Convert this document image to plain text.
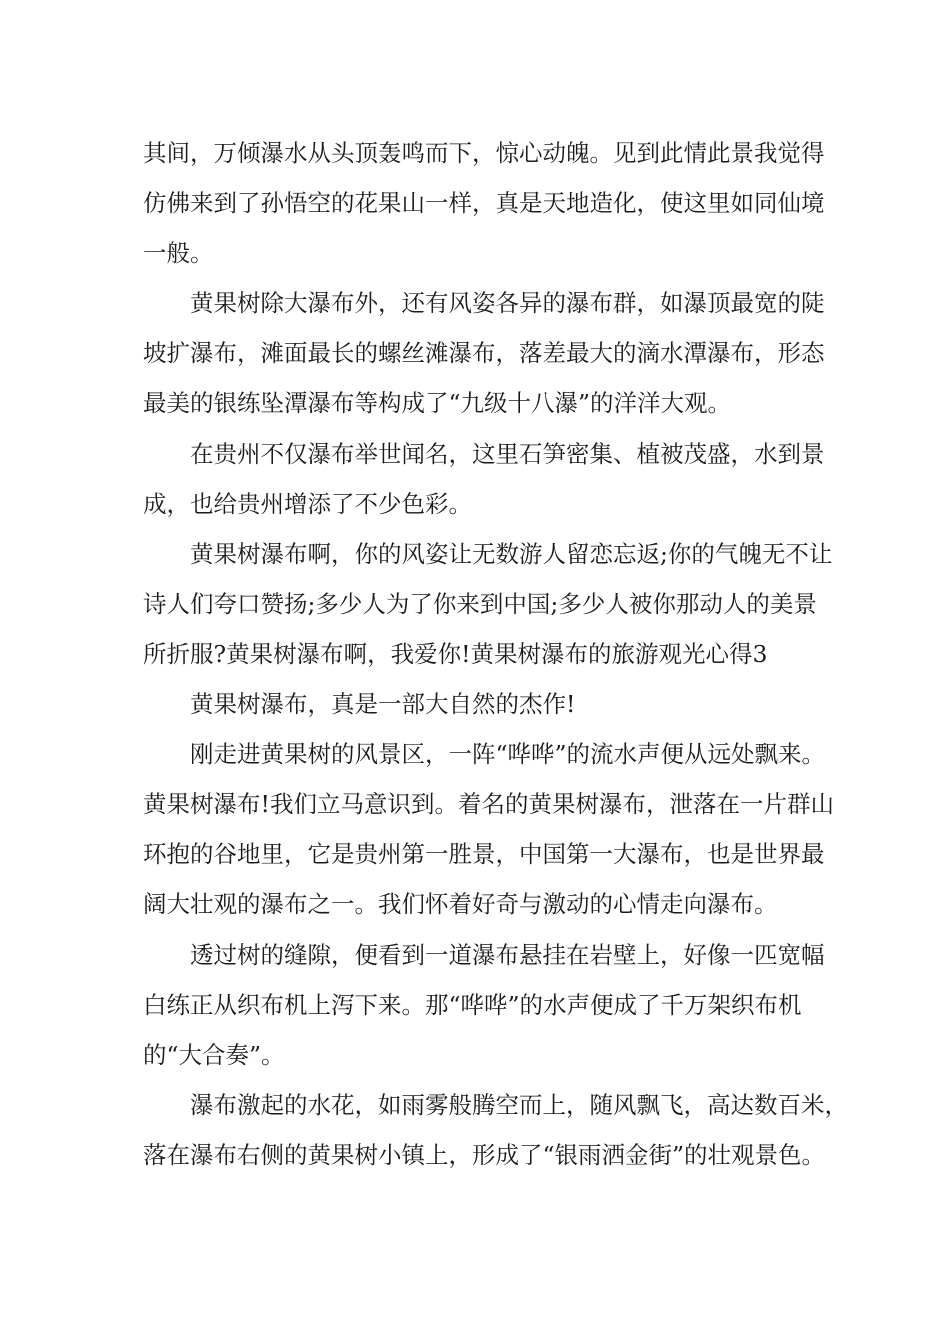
其间，万倾瀑水从头顶轰鸣而下，惊心动魄。见到此情此景我觉得
仿佛来到了孙悟空的花果山一样，真是天地造化，使这里如同仙境
一般。
黄果树除大瀑布外，还有风姿各异的瀑布群，如瀑顶最宽的陡
坡扩瀑布，滩面最长的螺丝滩瀑布，落差最大的滴水潭瀑布，形态
最美的银练坠潭瀑布等构成了“九级十八瀑”的洋洋大观。
在贵州不仅瀑布举世闻名，这里石笋密集、植被茂盛，水到景
成，也给贵州增添了不少色彩。
黄果树瀑布啊，你的风姿让无数游人留恋忘返;你的气魄无不让
诗人们夸口赞扬;多少人为了你来到中国;多少人被你那动人的美景
所折服?黄果树瀑布啊，我爱你!黄果树瀑布的旅游观光心得3
黄果树瀑布，真是一部大自然的杰作!
刚走进黄果树的风景区，一阵“哗哗”的流水声便从远处飘来。
黄果树瀑布!我们立马意识到。着名的黄果树瀑布，泄落在一片群山
环抱的谷地里，它是贵州第一胜景，中国第一大瀑布，也是世界最
阔大壮观的瀑布之一。我们怀着好奇与激动的心情走向瀑布。
透过树的缝隙，便看到一道瀑布悬挂在岩壁上，好像一匹宽幅
白练正从织布机上泻下来。那“哗哗”的水声便成了千万架织布机
的“大合奏”。
瀑布激起的水花，如雨雾般腾空而上，随风飘飞，高达数百米，
落在瀑布右侧的黄果树小镇上，形成了“银雨洒金街”的壮观景色。
